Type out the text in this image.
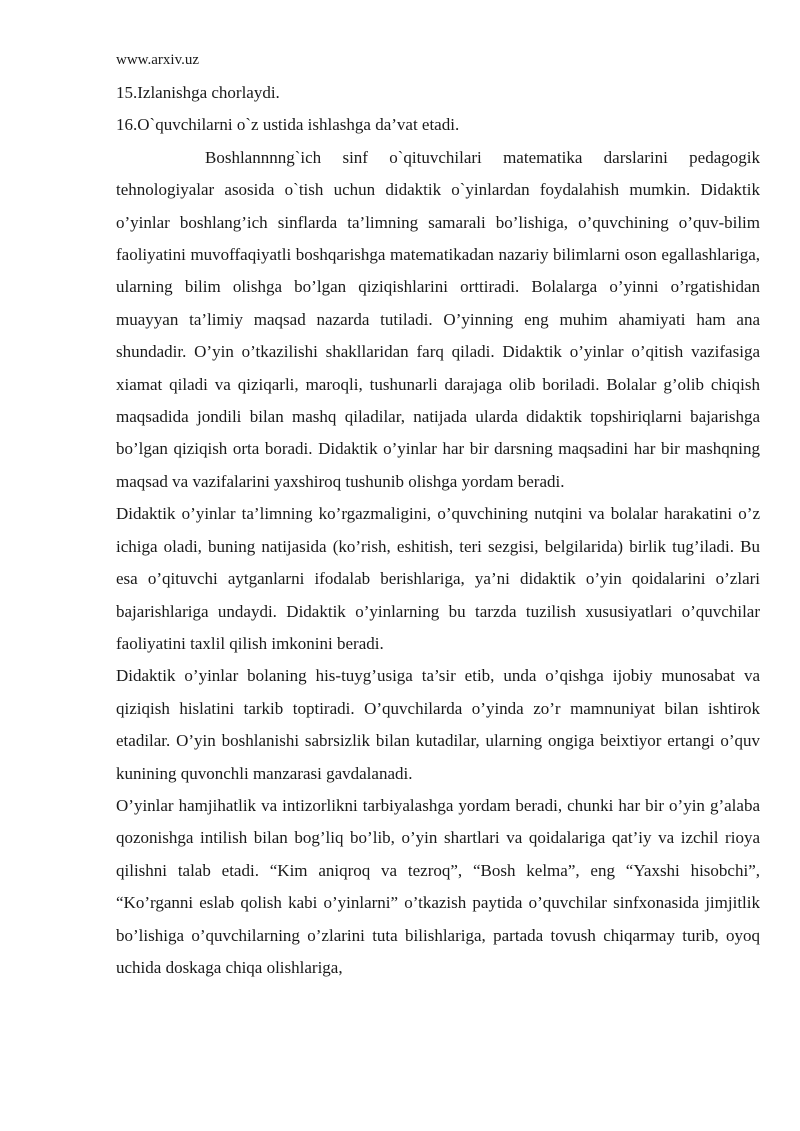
www.arxiv.uz

15.Izlanishga chorlaydi.

16.O`quvchilarni o`z ustida ishlashga da’vat etadi.

Boshlannnng`ich sinf o`qituvchilari matematika darslarini pedagogik tehnologiyalar asosida o`tish uchun didaktik o`yinlardan foydalahish mumkin. Didaktik o’yinlar boshlang’ich sinflarda ta’limning samarali bo’lishiga, o’quvchining o’quv-bilim faoliyatini muvoffaqiyatli boshqarishga matematikadan nazariy bilimlarni oson egallashlariga, ularning bilim olishga bo’lgan qiziqishlarini orttiradi. Bolalarga o’yinni o’rgatishidan muayyan ta’limiy maqsad nazarda tutiladi. O’yinning eng muhim ahamiyati ham ana shundadir. O’yin o’tkazilishi shakllaridan farq qiladi. Didaktik o’yinlar o’qitish vazifasiga xiamat qiladi va qiziqarli, maroqli, tushunarli darajaga olib boriladi. Bolalar g’olib chiqish maqsadida jondili bilan mashq qiladilar, natijada ularda didaktik topshiriqlarni bajarishga bo’lgan qiziqish orta boradi. Didaktik o’yinlar har bir darsning maqsadini har bir mashqning maqsad va vazifalarini yaxshiroq tushunib olishga yordam beradi.

Didaktik o’yinlar ta’limning ko’rgazmaligini, o’quvchining nutqini va bolalar harakatini o’z ichiga oladi, buning natijasida (ko’rish, eshitish, teri sezgisi, belgilarida) birlik tug’iladi. Bu esa o’qituvchi aytganlarni ifodalab berishlariga, ya’ni didaktik o’yin qoidalarini o’zlari bajarishlariga undaydi. Didaktik o’yinlarning bu tarzda tuzilish xususiyatlari o’quvchilar faoliyatini taxlil qilish imkonini beradi.

Didaktik o’yinlar bolaning his-tuyg’usiga ta’sir etib, unda o’qishga ijobiy munosabat va qiziqish hislatini tarkib toptiradi. O’quvchilarda o’yinda zo’r mamnuniyat bilan ishtirok etadilar. O’yin boshlanishi sabrsizlik bilan kutadilar, ularning ongiga beixtiyor ertangi o’quv kunining quvonchli manzarasi gavdalanadi.

O’yinlar hamjihatlik va intizorlikni tarbiyalashga yordam beradi, chunki har bir o’yin g’alaba qozonishga intilish bilan bog’liq bo’lib, o’yin shartlari va qoidalariga qat’iy va izchil rioya qilishni talab etadi. “Kim aniqroq va tezroq”, “Bosh kelma”, eng “Yaxshi hisobchi”, “Ko’rganni eslab qolish kabi o’yinlarni” o’tkazish paytida o’quvchilar sinfxonasida jimjitlik bo’lishiga o’quvchilarning o’zlarini tuta bilishlariga, partada tovush chiqarmay turib, oyoq uchida doskaga chiqa olishlariga,
